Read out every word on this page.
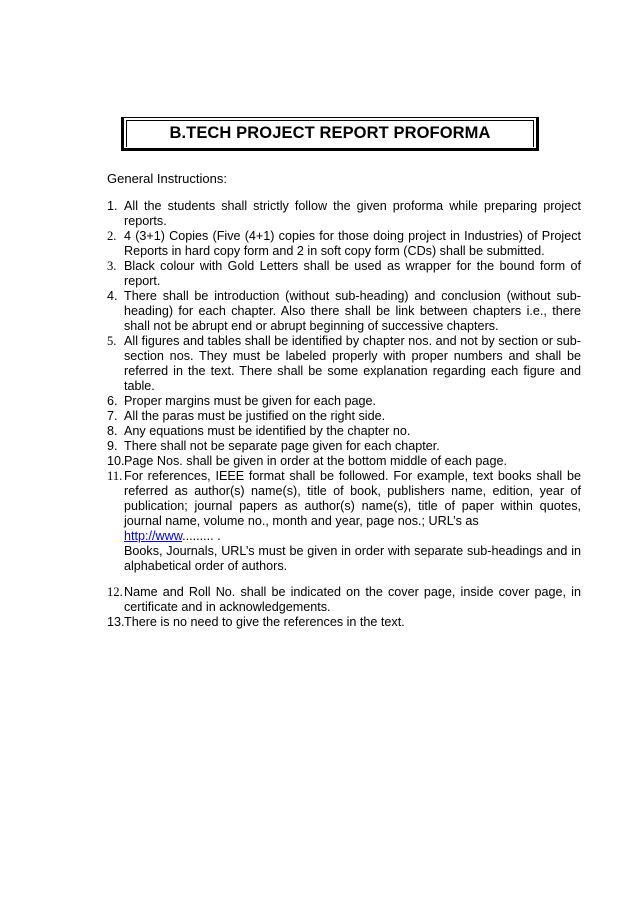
B.TECH PROJECT REPORT PROFORMA
General Instructions:
1. All the students shall strictly follow the given proforma while preparing project reports.
2. 4 (3+1) Copies (Five (4+1) copies for those doing project in Industries) of Project Reports in hard copy form and 2 in soft copy form (CDs) shall be submitted.
3. Black colour with Gold Letters shall be used as wrapper for the bound form of report.
4. There shall be introduction (without sub-heading) and conclusion (without sub-heading) for each chapter. Also there shall be link between chapters i.e., there shall not be abrupt end or abrupt beginning of successive chapters.
5. All figures and tables shall be identified by chapter nos. and not by section or sub-section nos. They must be labeled properly with proper numbers and shall be referred in the text. There shall be some explanation regarding each figure and table.
6. Proper margins must be given for each page.
7. All the paras must be justified on the right side.
8. Any equations must be identified by the chapter no.
9. There shall not be separate page given for each chapter.
10. Page Nos. shall be given in order at the bottom middle of each page.
11. For references, IEEE format shall be followed. For example, text books shall be referred as author(s) name(s), title of book, publishers name, edition, year of publication; journal papers as author(s) name(s), title of paper within quotes, journal name, volume no., month and year, page nos.; URL’s as
http://www......... .
Books, Journals, URL’s must be given in order with separate sub-headings and in alphabetical order of authors.
12. Name and Roll No. shall be indicated on the cover page, inside cover page, in certificate and in acknowledgements.
13. There is no need to give the references in the text.
